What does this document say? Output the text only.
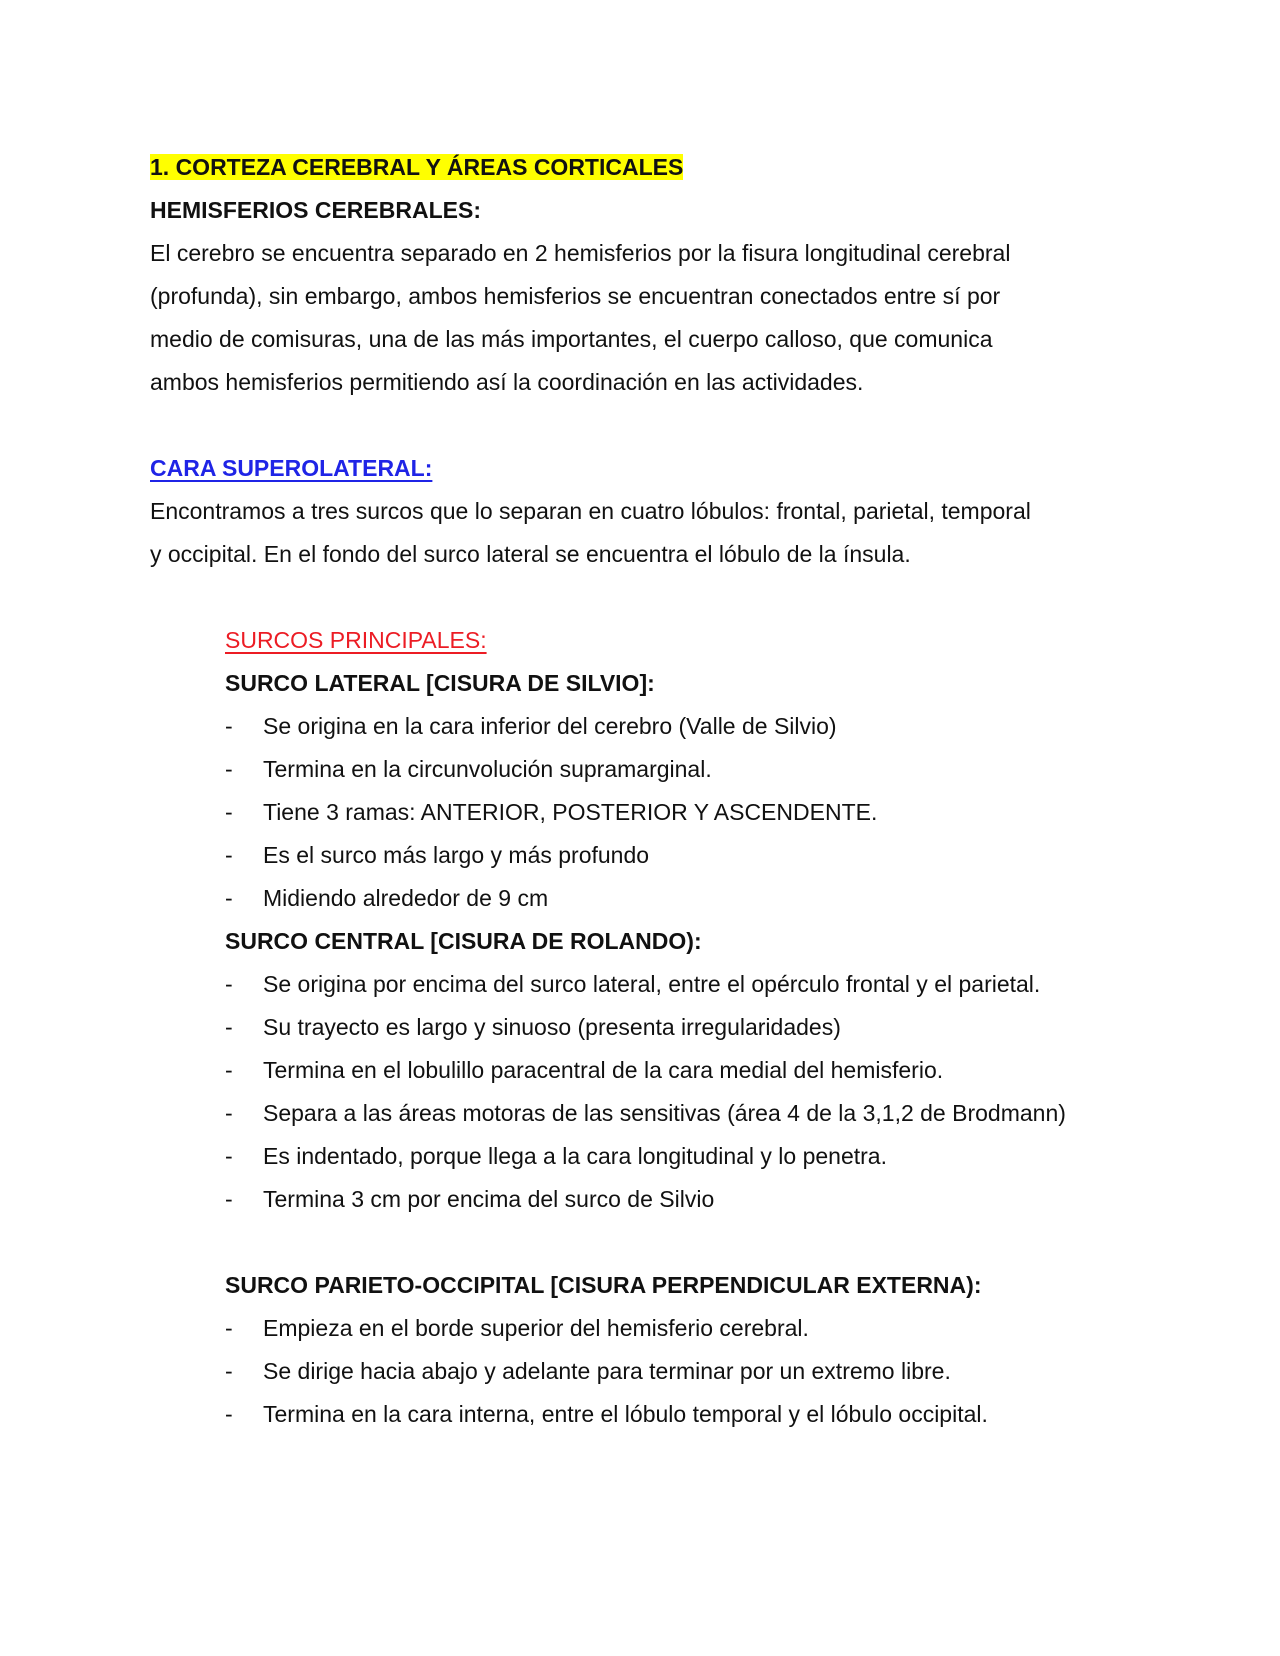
1. CORTEZA CEREBRAL Y ÁREAS CORTICALES

HEMISFERIOS CEREBRALES:

El cerebro se encuentra separado en 2 hemisferios por la fisura longitudinal cerebral

(profunda), sin embargo, ambos hemisferios se encuentran conectados entre sí por

medio de comisuras, una de las más importantes, el cuerpo calloso, que comunica

ambos hemisferios permitiendo así la coordinación en las actividades.

CARA SUPEROLATERAL:

Encontramos a tres surcos que lo separan en cuatro lóbulos: frontal, parietal, temporal

y occipital. En el fondo del surco lateral se encuentra el lóbulo de la ínsula.

SURCOS PRINCIPALES:

SURCO LATERAL [CISURA DE SILVIO]:

- Se origina en la cara inferior del cerebro (Valle de Silvio)
- Termina en la circunvolución supramarginal.
- Tiene 3 ramas: ANTERIOR, POSTERIOR Y ASCENDENTE.
- Es el surco más largo y más profundo
- Midiendo alrededor de 9 cm

SURCO CENTRAL [CISURA DE ROLANDO):

- Se origina por encima del surco lateral, entre el opérculo frontal y el parietal.
- Su trayecto es largo y sinuoso (presenta irregularidades)
- Termina en el lobulillo paracentral de la cara medial del hemisferio.
- Separa a las áreas motoras de las sensitivas (área 4 de la 3,1,2 de Brodmann)
- Es indentado, porque llega a la cara longitudinal y lo penetra.
- Termina 3 cm por encima del surco de Silvio

SURCO PARIETO-OCCIPITAL [CISURA PERPENDICULAR EXTERNA):

- Empieza en el borde superior del hemisferio cerebral.
- Se dirige hacia abajo y adelante para terminar por un extremo libre.
- Termina en la cara interna, entre el lóbulo temporal y el lóbulo occipital.
